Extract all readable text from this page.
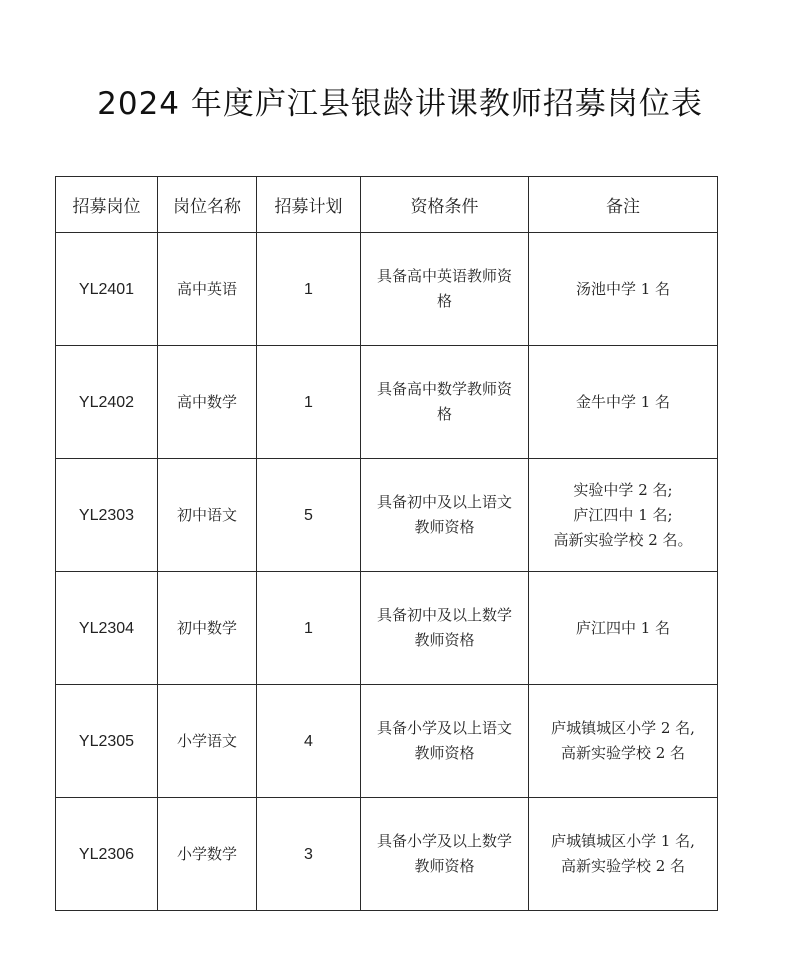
2024 年度庐江县银龄讲课教师招募岗位表
招募岗位	岗位名称	招募计划	资格条件	备注
YL2401	高中英语	1	具备高中英语教师资格	汤池中学 1 名

YL2402	高中数学	1	具备高中数学教师资格	金牛中学 1 名

YL2303	初中语文	5	具备初中及以上语文教师资格	实验中学 2 名;
庐江四中 1 名;
高新实验学校 2 名。

YL2304	初中数学	1	具备初中及以上数学教师资格	庐江四中 1 名

YL2305	小学语文	4	具备小学及以上语文教师资格	庐城镇城区小学 2 名,
高新实验学校 2 名

YL2306	小学数学	3	具备小学及以上数学教师资格	庐城镇城区小学 1 名,
高新实验学校 2 名
